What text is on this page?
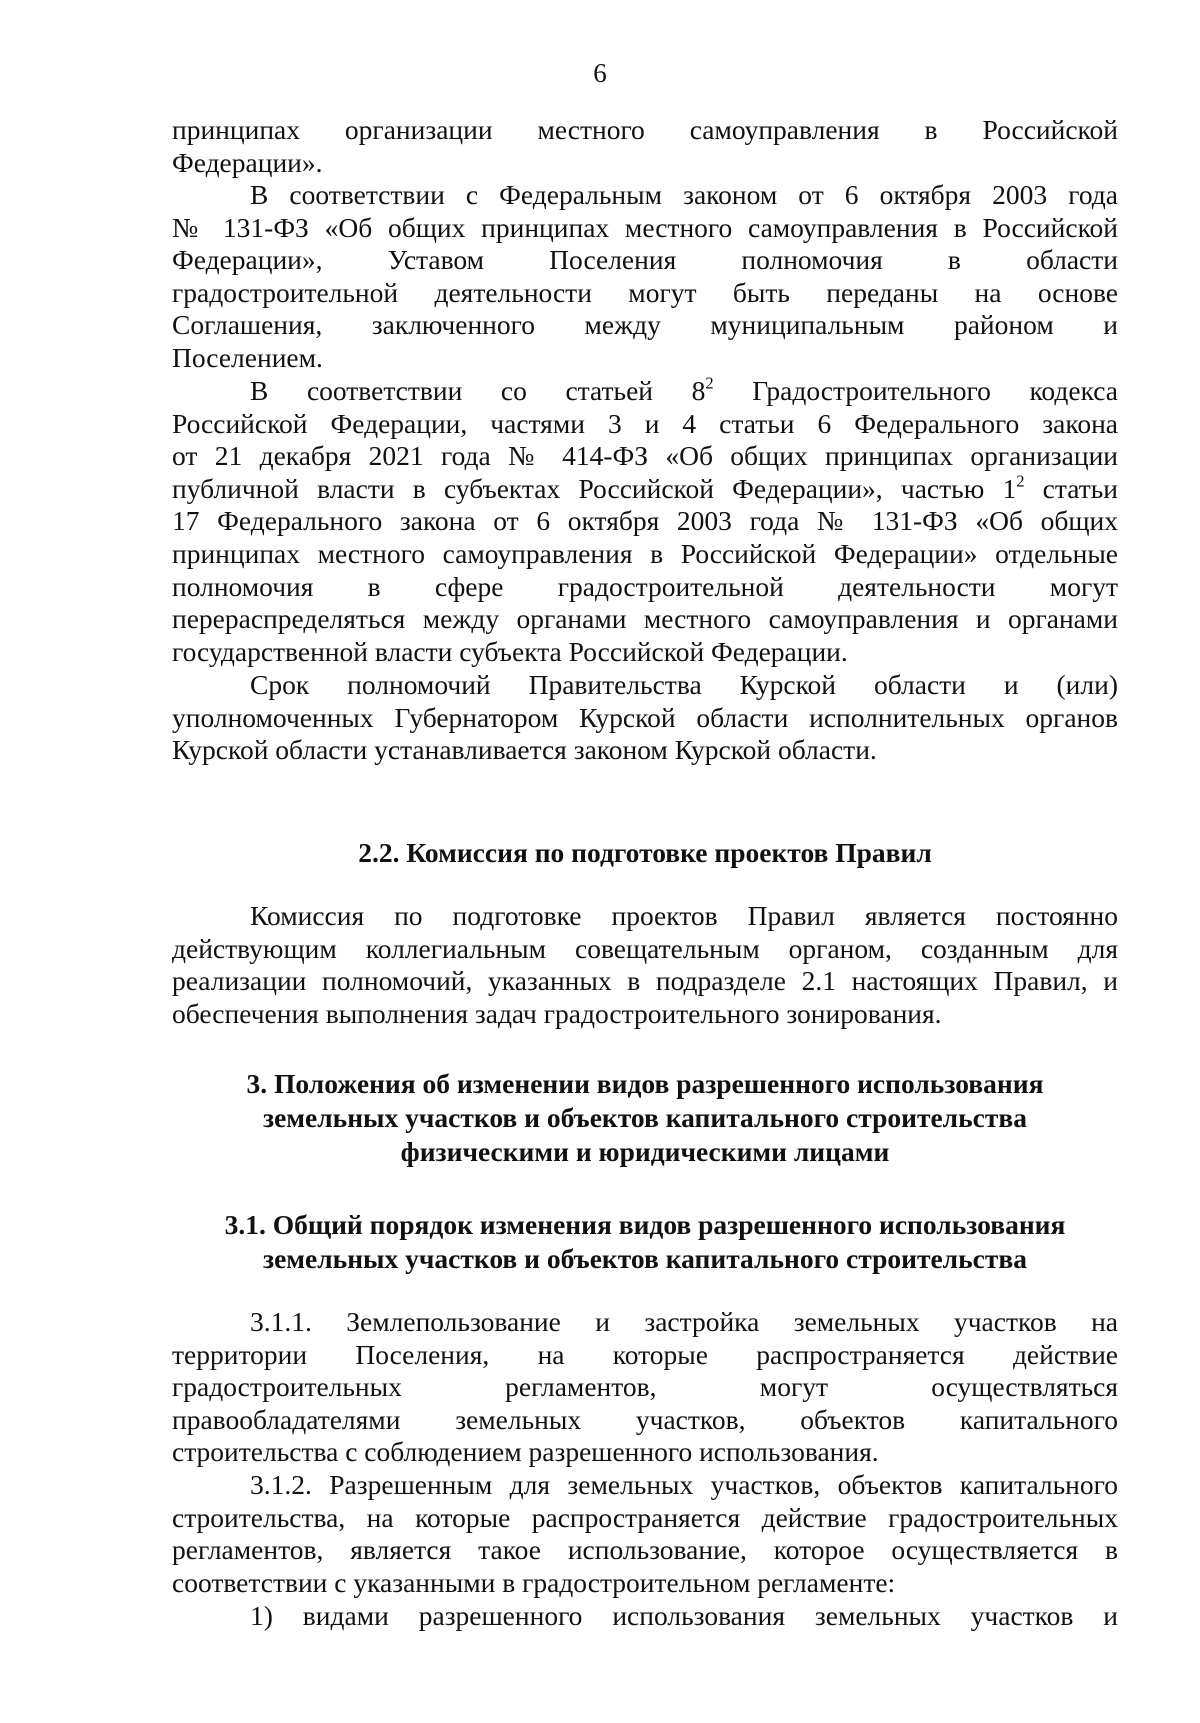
6
принципах организации местного самоуправления в Российской
Федерации».
В соответствии с Федеральным законом от 6 октября 2003 года
№ 131-ФЗ «Об общих принципах местного самоуправления в Российской
Федерации», Уставом Поселения полномочия в области
градостроительной деятельности могут быть переданы на основе
Соглашения, заключенного между муниципальным районом и
Поселением.
В соответствии со статьей $8^2$ Градостроительного кодекса
Российской Федерации, частями 3 и 4 статьи 6 Федерального закона
от 21 декабря 2021 года № 414-ФЗ «Об общих принципах организации
публичной власти в субъектах Российской Федерации», частью $1^2$ статьи
17 Федерального закона от 6 октября 2003 года № 131-ФЗ «Об общих
принципах местного самоуправления в Российской Федерации» отдельные
полномочия в сфере градостроительной деятельности могут
перераспределяться между органами местного самоуправления и органами
государственной власти субъекта Российской Федерации.
Срок полномочий Правительства Курской области и (или)
уполномоченных Губернатором Курской области исполнительных органов
Курской области устанавливается законом Курской области.
2.2. Комиссия по подготовке проектов Правил
Комиссия по подготовке проектов Правил является постоянно
действующим коллегиальным совещательным органом, созданным для
реализации полномочий, указанных в подразделе 2.1 настоящих Правил, и
обеспечения выполнения задач градостроительного зонирования.
3. Положения об изменении видов разрешенного использования
земельных участков и объектов капитального строительства
физическими и юридическими лицами
3.1. Общий порядок изменения видов разрешенного использования
земельных участков и объектов капитального строительства
3.1.1. Землепользование и застройка земельных участков на
территории Поселения, на которые распространяется действие
градостроительных регламентов, могут осуществляться
правообладателями земельных участков, объектов капитального
строительства с соблюдением разрешенного использования.
3.1.2. Разрешенным для земельных участков, объектов капитального
строительства, на которые распространяется действие градостроительных
регламентов, является такое использование, которое осуществляется в
соответствии с указанными в градостроительном регламенте:
1) видами разрешенного использования земельных участков и
